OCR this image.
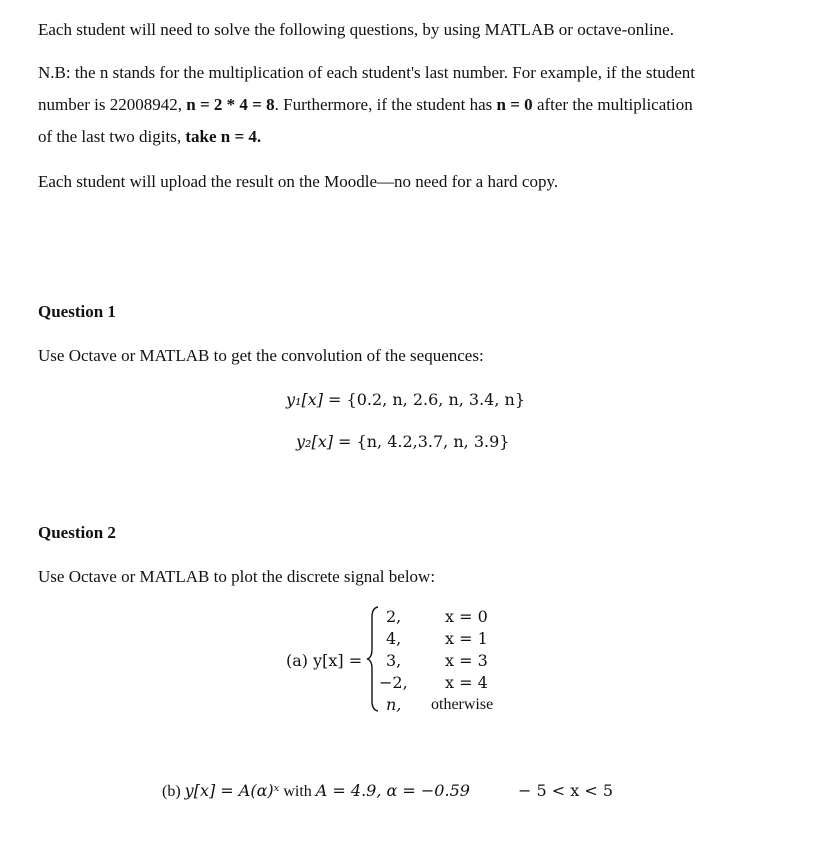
Each student will need to solve the following questions, by using MATLAB or octave-online.
N.B: the n stands for the multiplication of each student's last number. For example, if the student
number is 22008942, n = 2 * 4 = 8. Furthermore, if the student has n = 0 after the multiplication
of the last two digits, take n = 4.
Each student will upload the result on the Moodle—no need for a hard copy.
Question 1
Use Octave or MATLAB to get the convolution of the sequences:
y₁[x] = {0.2, n, 2.6, n, 3.4, n}
y₂[x] = {n, 4.2,3.7, n, 3.9}
Question 2
Use Octave or MATLAB to plot the discrete signal below:
(a) y[x] =
2,	x = 0
4,	x = 1
3,	x = 3
−2, x = 4
n, otherwise
(b) y[x] = A(α)ˣ with A = 4.9, α = −0.59	− 5 < x < 5
